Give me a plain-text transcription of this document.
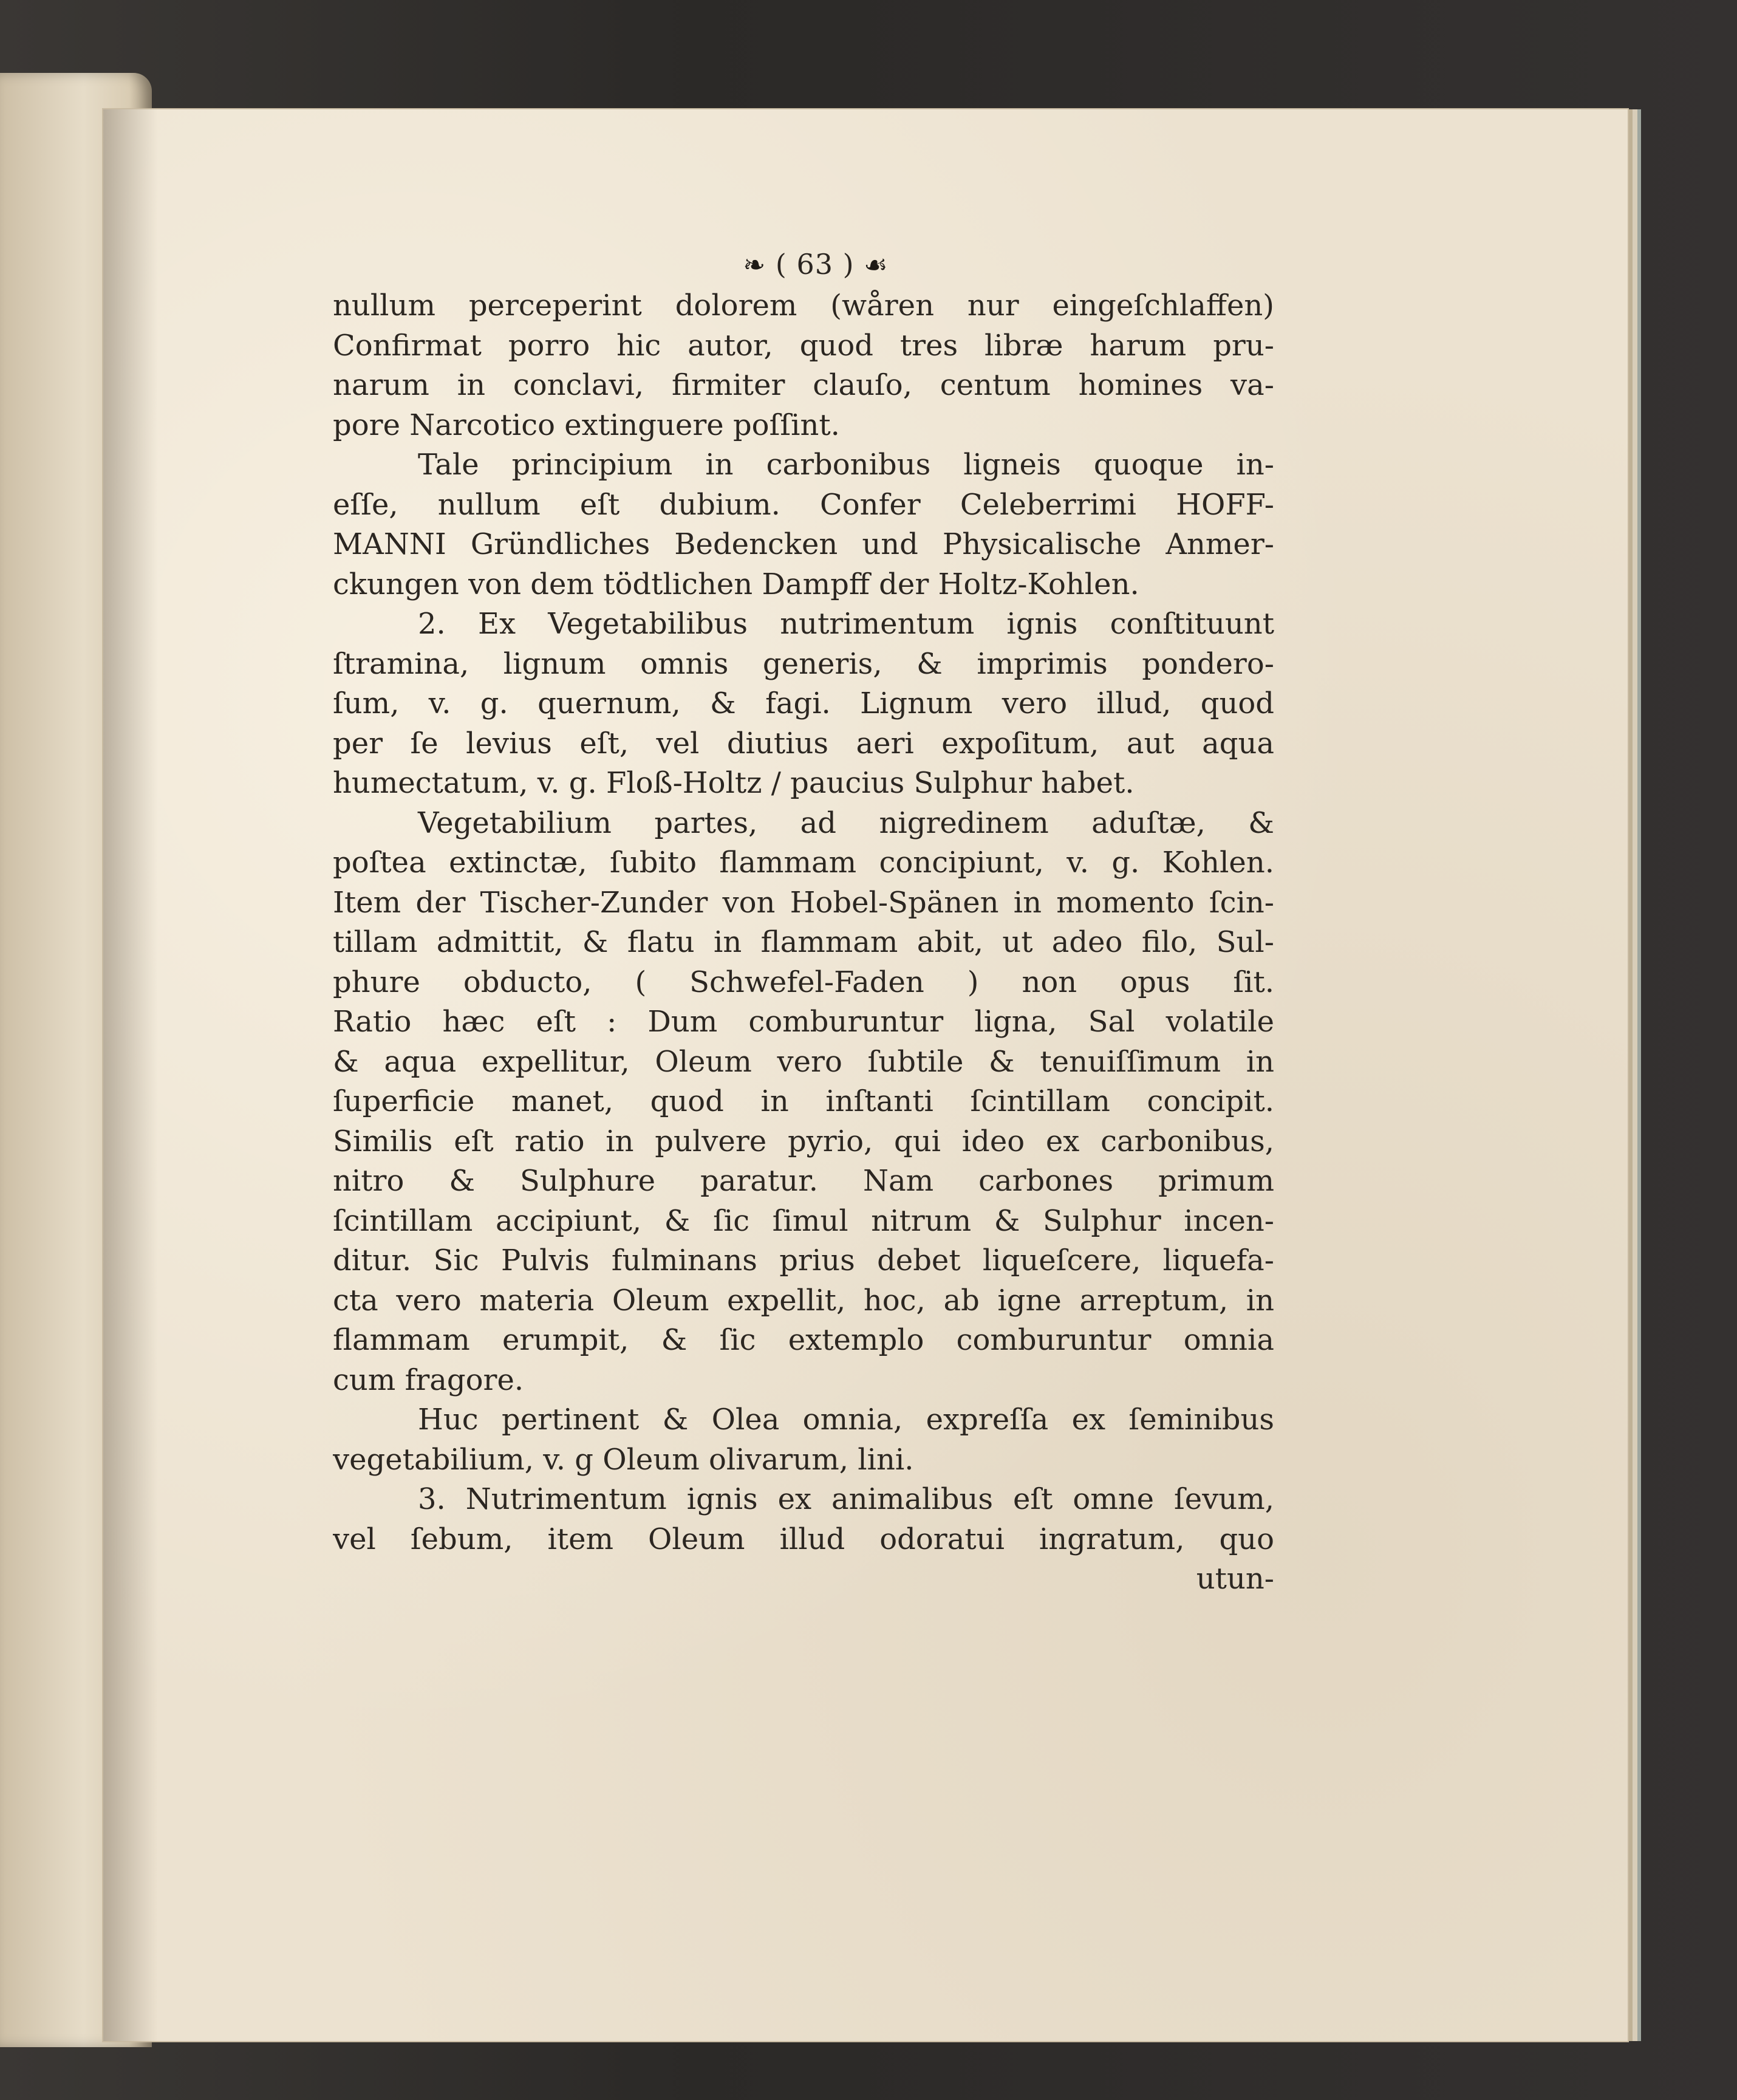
❧ ( 63 ) ☙
nullum perceperint dolorem (wåren nur eingeſchlaffen)
Confirmat porro hic autor, quod tres libræ harum pru-
narum in conclavi, firmiter clauſo, centum homines va-
pore Narcotico extinguere poſſint.
Tale principium in carbonibus ligneis quoque in-
eſſe, nullum eſt dubium. Confer Celeberrimi HOFF-
MANNI Gründliches Bedencken und Physicalische Anmer-
ckungen von dem tödtlichen Dampff der Holtz-Kohlen.
2. Ex Vegetabilibus nutrimentum ignis conſtituunt
ſtramina, lignum omnis generis, & imprimis pondero-
ſum, v. g. quernum, & fagi. Lignum vero illud, quod
per ſe levius eſt, vel diutius aeri expoſitum, aut aqua
humectatum, v. g. Floß-Holtz / paucius Sulphur habet.
Vegetabilium partes, ad nigredinem aduſtæ, &
poſtea extinctæ, ſubito flammam concipiunt, v. g. Kohlen.
Item der Tischer-Zunder von Hobel-Spänen in momento ſcin-
tillam admittit, & flatu in flammam abit, ut adeo filo, Sul-
phure obducto, ( Schwefel-Faden ) non opus ſit.
Ratio hæc eſt : Dum comburuntur ligna, Sal volatile
& aqua expellitur, Oleum vero ſubtile & tenuiſſimum in
ſuperficie manet, quod in inſtanti ſcintillam concipit.
Similis eſt ratio in pulvere pyrio, qui ideo ex carbonibus,
nitro & Sulphure paratur. Nam carbones primum
ſcintillam accipiunt, & ſic ſimul nitrum & Sulphur incen-
ditur. Sic Pulvis fulminans prius debet liqueſcere, liquefa-
cta vero materia Oleum expellit, hoc, ab igne arreptum, in
flammam erumpit, & ſic extemplo comburuntur omnia
cum fragore.
Huc pertinent & Olea omnia, expreſſa ex ſeminibus
vegetabilium, v. g Oleum olivarum, lini.
3. Nutrimentum ignis ex animalibus eſt omne ſevum,
vel ſebum, item Oleum illud odoratui ingratum, quo
utun-
